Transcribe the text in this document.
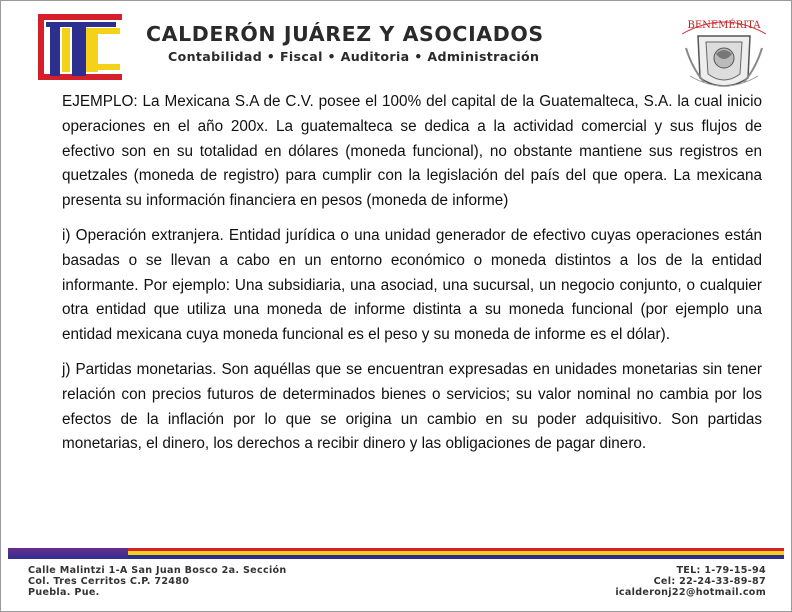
CALDERÓN JUÁREZ Y ASOCIADOS
Contabilidad • Fiscal • Auditoria • Administración
BENEMÉRITA

EJEMPLO: La Mexicana S.A de C.V. posee el 100% del capital de la Guatemalteca, S.A. la cual inicio operaciones en el año 200x. La guatemalteca se dedica a la actividad comercial y sus flujos de efectivo son en su totalidad en dólares (moneda funcional), no obstante mantiene sus registros en quetzales (moneda de registro) para cumplir con la legislación del país del que opera. La mexicana presenta su información financiera en pesos (moneda de informe)

i) Operación extranjera. Entidad jurídica o una unidad generador de efectivo cuyas operaciones están basadas o se llevan a cabo en un entorno económico o moneda distintos a los de la entidad informante. Por ejemplo: Una subsidiaria, una asociad, una sucursal, un negocio conjunto, o cualquier otra entidad que utiliza una moneda de informe distinta a su moneda funcional (por ejemplo una entidad mexicana cuya moneda funcional es el peso y su moneda de informe es el dólar).

j) Partidas monetarias. Son aquéllas que se encuentran expresadas en unidades monetarias sin tener relación con precios futuros de determinados bienes o servicios; su valor nominal no cambia por los efectos de la inflación por lo que se origina un cambio en su poder adquisitivo. Son partidas monetarias, el dinero, los derechos a recibir dinero y las obligaciones de pagar dinero.

Calle Malintzi 1-A San Juan Bosco 2a. Sección
Col. Tres Cerritos C.P. 72480
Puebla. Pue.
TEL: 1-79-15-94
Cel: 22-24-33-89-87
icalderonj22@hotmail.com
